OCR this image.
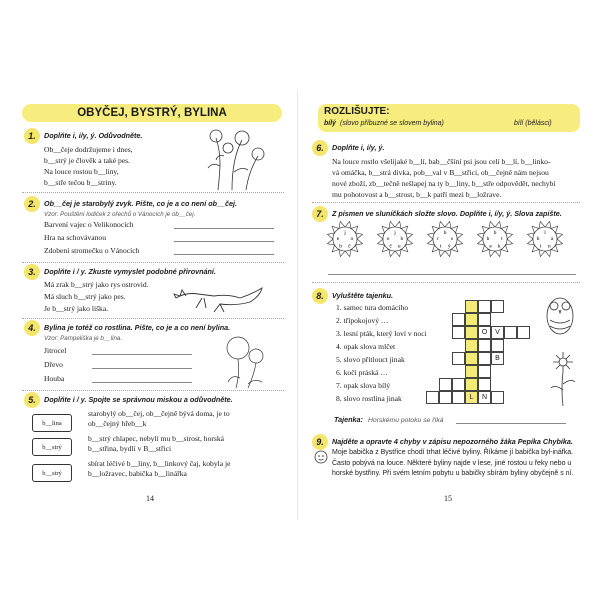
OBYČEJ, BYSTRÝ, BYLINA
1.	Doplňte i, í/y, ý. Odůvodněte.
Ob__čeje dodržujeme i dnes,
b__strý je člověk a také pes.
Na louce rostou b__liny,
b__stře tečou b__striny.
2.	Ob__čej je starobylý zvyk. Pište, co je a co není ob__čej.
Vzor: Pouštění lodiček z ořechů o Vánocích je ob__čej.
Barvení vajec o Velikonocích
Hra na schovávanou
Zdobení stromečku o Vánocích
3.	Doplňte i / y. Zkuste vymyslet podobné přirovnání.
Má zrak b__strý jako rys ostrovid.
Má sluch b__strý jako pes.
Je b__strý jako liška.
4.	Bylina je totéž co rostlina. Pište, co je a co není bylina.
Vzor: Pampeliška je b__lina.
Jitrocel
Dřevo
Houba
5.	Doplňte i / y. Spojte se správnou miskou a odůvodněte.
b__lina
b__strý
b__strý
starobylý ob__čej, ob__čejně bývá doma, je to
ob__čejný hřeb__k
b__strý chlapec, nebylí mu b__strost, horská
b__střina, bydlí v B__střici
sbírat léčivé b__liny, b__linkový čaj, kobyla je
b__ložravec, babička b__linářka
14
ROZLIŠUJTE:
bílý (slovo příbuzné se slovem bylina)	bílí (bělásci)
6.	Doplňte i, í/y, ý.
Na louce rostlo všelijaké b__lí, bab__čšíní psi jsou celí b__lí, b__linko-
vá omáčka, b__strá dívka, pob__val v B__střici, ob__čejně nám nejsou
nové zboží, zb__tečně nešlapej na ty b__liny, b__stře odpovědět, nechybí
mu pohotovost a b__strost, b__k patří mezi b__ložrave.
7.	Z písmen ve sluníčkách složte slovo. Doplňte i, í/y, ý. Slova zapište.
j
e o
b č
j
o b
č e
b
r s
t ý
b
h t
e k
l
b a
i n
8.	Vyluštěte tajenku.
1. samec tura domácího
2. třípokojový …
3. lesní pták, který loví v noci
4. opak slova mlčet
5. slovo přítlouct jinak
6. kočí práská …
7. opak slova bílý
8. slovo rostlina jinak
O	V
B
L	N
Tajenka: Horskému potoku se říká
9.	Najděte a opravte 4 chyby v zápisu nepozorného žáka Pepíka Chybíka.
Moje babička z Bystřice chodí trhat léčivé byliny. Říkáme jí babička byl-ináfka. Často pobývá na louce. Některé byliny najde v lese, jiné rostou u řeky nebo u horské bystřiny. Při svém letním pobytu u babičky sbírám byliny obyčejně s ní.
15
